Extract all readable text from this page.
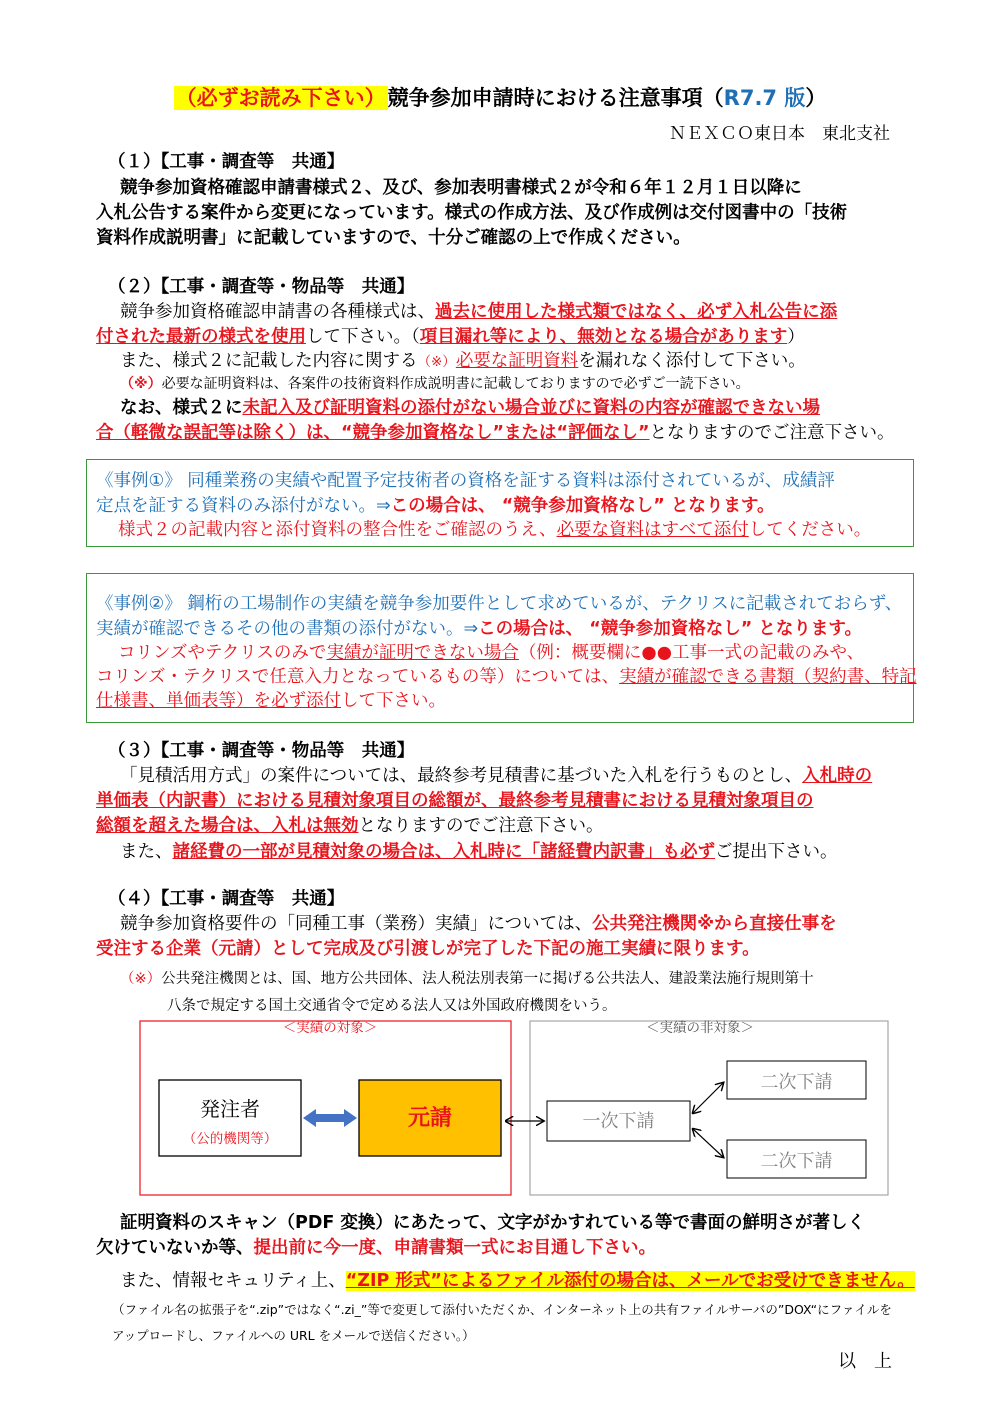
（必ずお読み下さい）競争参加申請時における注意事項（R7.7 版）
ＮＥＸＣＯ東日本　東北支社
（１）【工事・調査等　共通】
競争参加資格確認申請書様式２、及び、参加表明書様式２が令和６年１２月１日以降に
入札公告する案件から変更になっています。様式の作成方法、及び作成例は交付図書中の「技術
資料作成説明書」に記載していますので、十分ご確認の上で作成ください。
（２）【工事・調査等・物品等　共通】
競争参加資格確認申請書の各種様式は、過去に使用した様式類ではなく、必ず入札公告に添
付された最新の様式を使用して下さい。（項目漏れ等により、無効となる場合があります）
また、様式２に記載した内容に関する（※）必要な証明資料を漏れなく添付して下さい。
（※）必要な証明資料は、各案件の技術資料作成説明書に記載しておりますので必ずご一読下さい。
なお、様式２に未記入及び証明資料の添付がない場合並びに資料の内容が確認できない場
合（軽微な誤記等は除く）は、“競争参加資格なし”または“評価なし”となりますのでご注意下さい。
《事例①》 同種業務の実績や配置予定技術者の資格を証する資料は添付されているが、成績評
定点を証する資料のみ添付がない。⇒この場合は、 “競争参加資格なし” となります。
様式２の記載内容と添付資料の整合性をご確認のうえ、必要な資料はすべて添付してください。
《事例②》 鋼桁の工場制作の実績を競争参加要件として求めているが、テクリスに記載されておらず、
実績が確認できるその他の書類の添付がない。⇒この場合は、 “競争参加資格なし” となります。
コリンズやテクリスのみで実績が証明できない場合（例：概要欄に●●工事一式の記載のみや、
コリンズ・テクリスで任意入力となっているもの等）については、実績が確認できる書類（契約書、特記
仕様書、単価表等）を必ず添付して下さい。
（３）【工事・調査等・物品等　共通】
「見積活用方式」の案件については、最終参考見積書に基づいた入札を行うものとし、入札時の
単価表（内訳書）における見積対象項目の総額が、最終参考見積書における見積対象項目の
総額を超えた場合は、入札は無効となりますのでご注意下さい。
また、諸経費の一部が見積対象の場合は、入札時に「諸経費内訳書」も必ずご提出下さい。
（４）【工事・調査等　共通】
競争参加資格要件の「同種工事（業務）実績」については、公共発注機関※から直接仕事を
受注する企業（元請）として完成及び引渡しが完了した下記の施工実績に限ります。
（※）公共発注機関とは、国、地方公共団体、法人税法別表第一に掲げる公共法人、建設業法施行規則第十
八条で規定する国土交通省令で定める法人又は外国政府機関をいう。
＜実績の対象＞	＜実績の非対象＞
発注者
（公的機関等）
元請	一次下請
二次下請
二次下請
証明資料のスキャン（PDF 変換）にあたって、文字がかすれている等で書面の鮮明さが著しく
欠けていないか等、提出前に今一度、申請書類一式にお目通し下さい。
また、情報セキュリティ上、“ZIP 形式”によるファイル添付の場合は、メールでお受けできません。
（ファイル名の拡張子を“.zip”ではなく“.zi_”等で変更して添付いただくか、インターネット上の共有ファイルサーバの”DOX“にファイルを
アップロードし、ファイルへの URL をメールで送信ください。）
以　上
